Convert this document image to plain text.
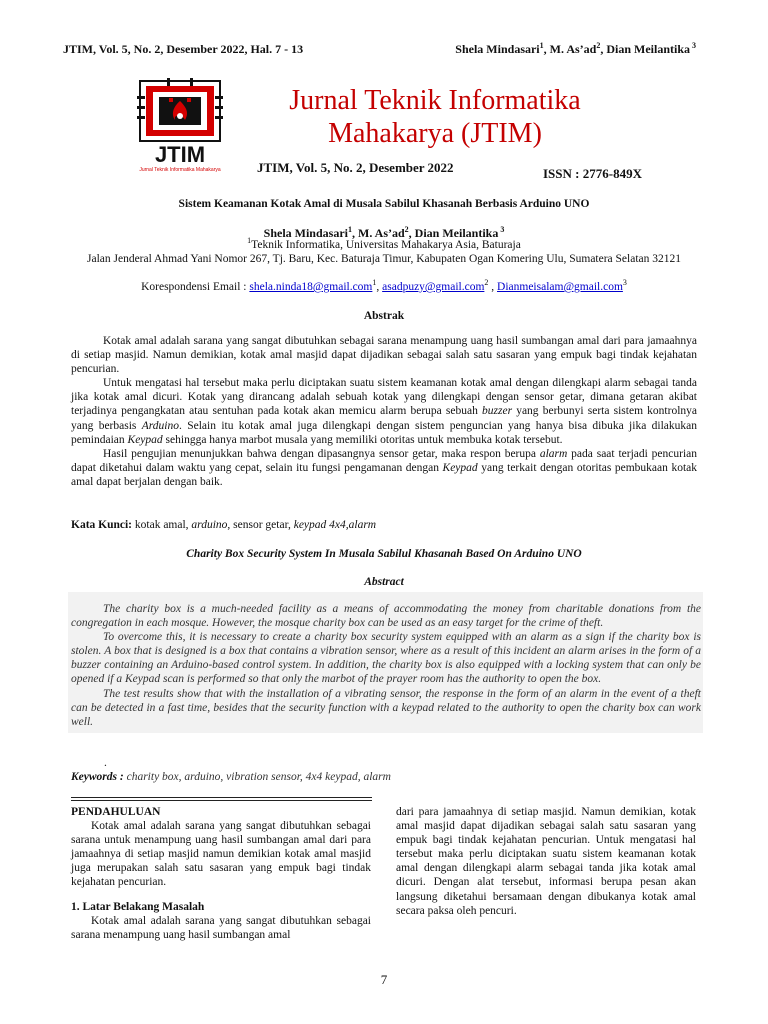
JTIM, Vol. 5, No. 2, Desember 2022, Hal. 7 - 13	Shela Mindasari$^1$, M. $As’ad^2$, Dian Meilantika $^3$
JTIM
Jurnal Teknik Informatika Mahakarya
Jurnal Teknik Informatika
Mahakarya (JTIM)
JTIM, Vol. 5, No. 2, Desember 2022	ISSN : 2776-849X
Sistem Keamanan Kotak Amal di Musala Sabilul Khasanah Berbasis Arduino UNO
Shela Mindasari$^1$, M. $As’ad^2$, Dian Meilantika $^3$
$^1$Teknik Informatika, Universitas Mahakarya Asia, Baturaja
Jalan Jenderal Ahmad Yani Nomor 267, Tj. Baru, Kec. Baturaja Timur, Kabupaten Ogan Komering Ulu, Sumatera Selatan 32121
Korespondensi Email : shela.ninda18@gmail.com$^1$, asadpuzy@gmail.com$^2$ , Dianmeisalam@gmail.com$^3$
Abstrak

Kotak amal adalah sarana yang sangat dibutuhkan sebagai sarana menampung uang hasil sumbangan amal dari para jamaahnya di setiap masjid. Namun demikian, kotak amal masjid dapat dijadikan sebagai salah satu sasaran yang empuk bagi tindak kejahatan pencurian.

Untuk mengatasi hal tersebut maka perlu diciptakan suatu sistem keamanan kotak amal dengan dilengkapi alarm sebagai tanda jika kotak amal dicuri. Kotak yang dirancang adalah sebuah kotak yang dilengkapi dengan sensor getar, dimana getaran akibat terjadinya pengangkatan atau sentuhan pada kotak akan memicu alarm berupa sebuah buzzer yang berbunyi serta sistem kontrolnya yang berbasis Arduino. Selain itu kotak amal juga dilengkapi dengan sistem penguncian yang hanya bisa dibuka jika dilakukan pemindaian Keypad sehingga hanya marbot musala yang memiliki otoritas untuk membuka kotak tersebut.

Hasil pengujian menunjukkan bahwa dengan dipasangnya sensor getar, maka respon berupa alarm pada saat terjadi pencurian dapat diketahui dalam waktu yang cepat, selain itu fungsi pengamanan dengan Keypad yang terkait dengan otoritas pembukaan kotak amal dapat berjalan dengan baik.

Kata Kunci: kotak amal, arduino, sensor getar, keypad 4x4,alarm
Charity Box Security System In Musala Sabilul Khasanah Based On Arduino UNO
Abstract

The charity box is a much-needed facility as a means of accommodating the money from charitable donations from the congregation in each mosque. However, the mosque charity box can be used as an easy target for the crime of theft.

To overcome this, it is necessary to create a charity box security system equipped with an alarm as a sign if the charity box is stolen. A box that is designed is a box that contains a vibration sensor, where as a result of this incident an alarm arises in the form of a buzzer containing an Arduino-based control system. In addition, the charity box is also equipped with a locking system that can only be opened if a Keypad scan is performed so that only the marbot of the prayer room has the authority to open the box.

The test results show that with the installation of a vibrating sensor, the response in the form of an alarm in the event of a theft can be detected in a fast time, besides that the security function with a keypad related to the authority to open the charity box can work well.

.
Keywords : charity box, arduino, vibration sensor, 4x4 keypad, alarm

PENDAHULUAN

Kotak amal adalah sarana yang sangat dibutuhkan sebagai sarana untuk menampung uang hasil sumbangan amal dari para jamaahnya di setiap masjid namun demikian kotak amal masjid juga merupakan salah satu sasaran yang empuk bagi tindak kejahatan pencurian.

1. Latar Belakang Masalah

Kotak amal adalah sarana yang sangat dibutuhkan sebagai sarana menampung uang hasil sumbangan amal

dari para jamaahnya di setiap masjid. Namun demikian, kotak amal masjid dapat dijadikan sebagai salah satu sasaran yang empuk bagi tindak kejahatan pencurian. Untuk mengatasi hal tersebut maka perlu diciptakan suatu sistem keamanan kotak amal dengan dilengkapi alarm sebagai tanda jika kotak amal dicuri. Dengan alat tersebut, informasi berupa pesan akan langsung diketahui bersamaan dengan dibukanya kotak amal secara paksa oleh pencuri.

7
